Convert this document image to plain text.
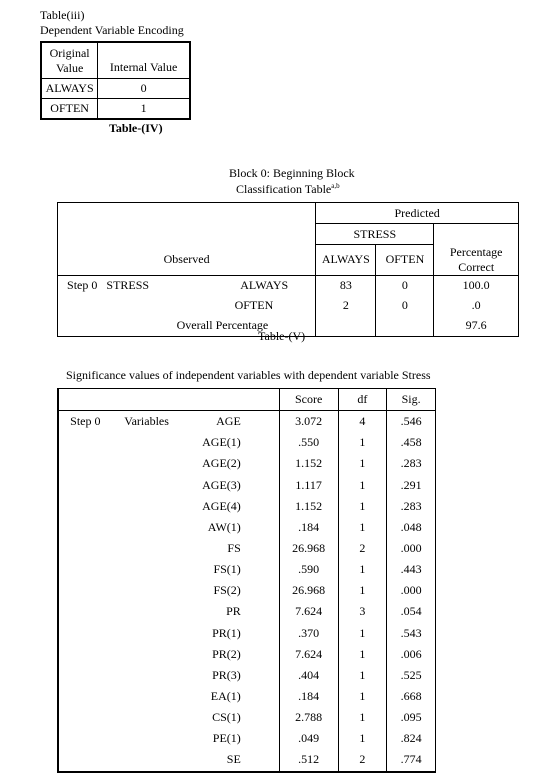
Table(iii)
Dependent Variable Encoding
Original
Value	Internal Value
ALWAYS	0
OFTEN	1
Table-(IV)
Block 0: Beginning Block
Classification Table$^{a,b}$
			Predicted		
			STRESS		
Observed			ALWAYS	OFTEN	Percentage Correct
Step 0	STRESS	ALWAYS	83	0	100.0
		OFTEN	2	0	.0
Overall Percentage					97.6
Table-(V)
Significance values of independent variables with dependent variable Stress
			Score	df	Sig.
Step 0	Variables	AGE	3.072	4	.546
		AGE(1)	.550	1	.458
		AGE(2)	1.152	1	.283
		AGE(3)	1.117	1	.291
		AGE(4)	1.152	1	.283
		AW(1)	.184	1	.048
		FS	26.968	2	.000
		FS(1)	.590	1	.443
		FS(2)	26.968	1	.000
		PR	7.624	3	.054
		PR(1)	.370	1	.543
		PR(2)	7.624	1	.006
		PR(3)	.404	1	.525
		EA(1)	.184	1	.668
		CS(1)	2.788	1	.095
		PE(1)	.049	1	.824
		SE	.512	2	.774
